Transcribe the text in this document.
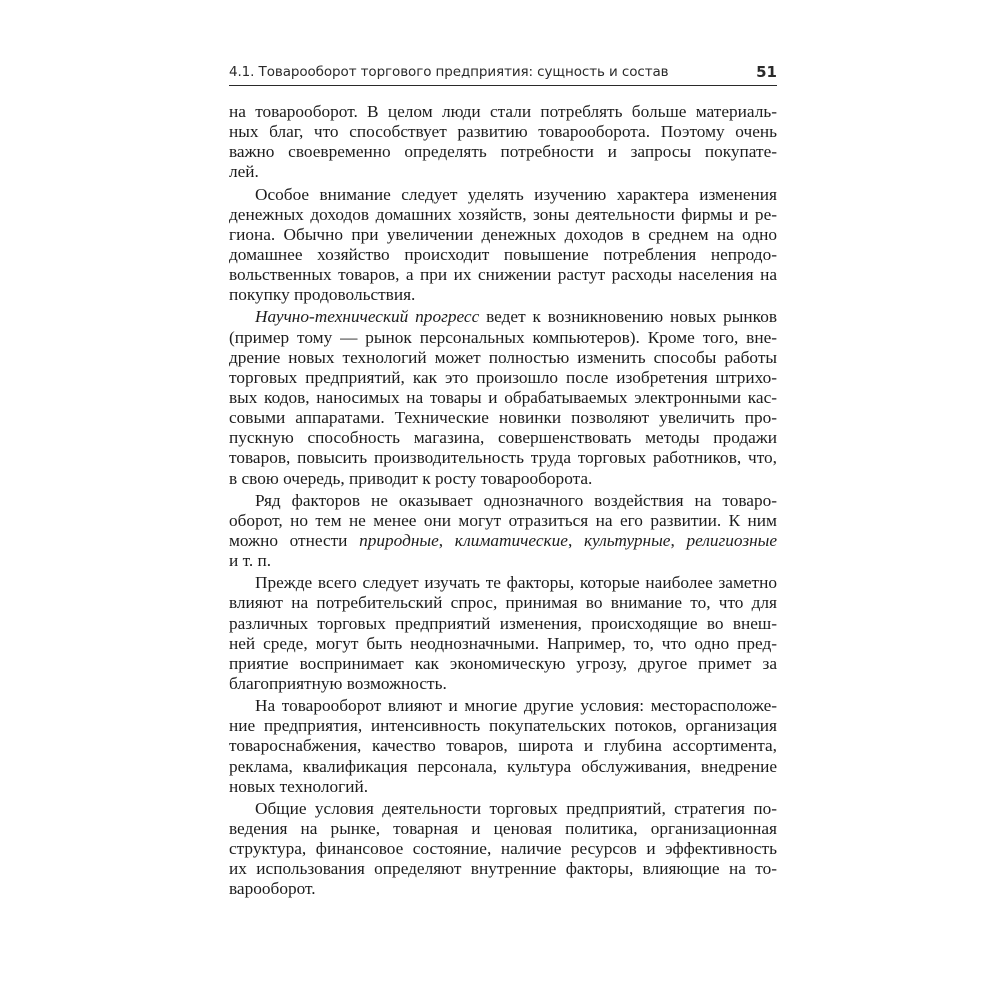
4.1. Товарооборот торгового предприятия: сущность и состав	51
на товарооборот. В целом люди стали потреблять больше материаль-
ных благ, что способствует развитию товарооборота. Поэтому очень
важно своевременно определять потребности и запросы покупате-
лей.
Особое внимание следует уделять изучению характера изменения
денежных доходов домашних хозяйств, зоны деятельности фирмы и ре-
гиона. Обычно при увеличении денежных доходов в среднем на одно
домашнее хозяйство происходит повышение потребления непродо-
вольственных товаров, а при их снижении растут расходы населения на
покупку продовольствия.
Научно-технический прогресс ведет к возникновению новых рынков
(пример тому — рынок персональных компьютеров). Кроме того, вне-
дрение новых технологий может полностью изменить способы работы
торговых предприятий, как это произошло после изобретения штрихо-
вых кодов, наносимых на товары и обрабатываемых электронными кас-
совыми аппаратами. Технические новинки позволяют увеличить про-
пускную способность магазина, совершенствовать методы продажи
товаров, повысить производительность труда торговых работников, что,
в свою очередь, приводит к росту товарооборота.
Ряд факторов не оказывает однозначного воздействия на товаро-
оборот, но тем не менее они могут отразиться на его развитии. К ним
можно отнести природные, климатические, культурные, религиозные
и т. п.
Прежде всего следует изучать те факторы, которые наиболее заметно
влияют на потребительский спрос, принимая во внимание то, что для
различных торговых предприятий изменения, происходящие во внеш-
ней среде, могут быть неоднозначными. Например, то, что одно пред-
приятие воспринимает как экономическую угрозу, другое примет за
благоприятную возможность.
На товарооборот влияют и многие другие условия: месторасположе-
ние предприятия, интенсивность покупательских потоков, организация
товароснабжения, качество товаров, широта и глубина ассортимента,
реклама, квалификация персонала, культура обслуживания, внедрение
новых технологий.
Общие условия деятельности торговых предприятий, стратегия по-
ведения на рынке, товарная и ценовая политика, организационная
структура, финансовое состояние, наличие ресурсов и эффективность
их использования определяют внутренние факторы, влияющие на то-
варооборот.
